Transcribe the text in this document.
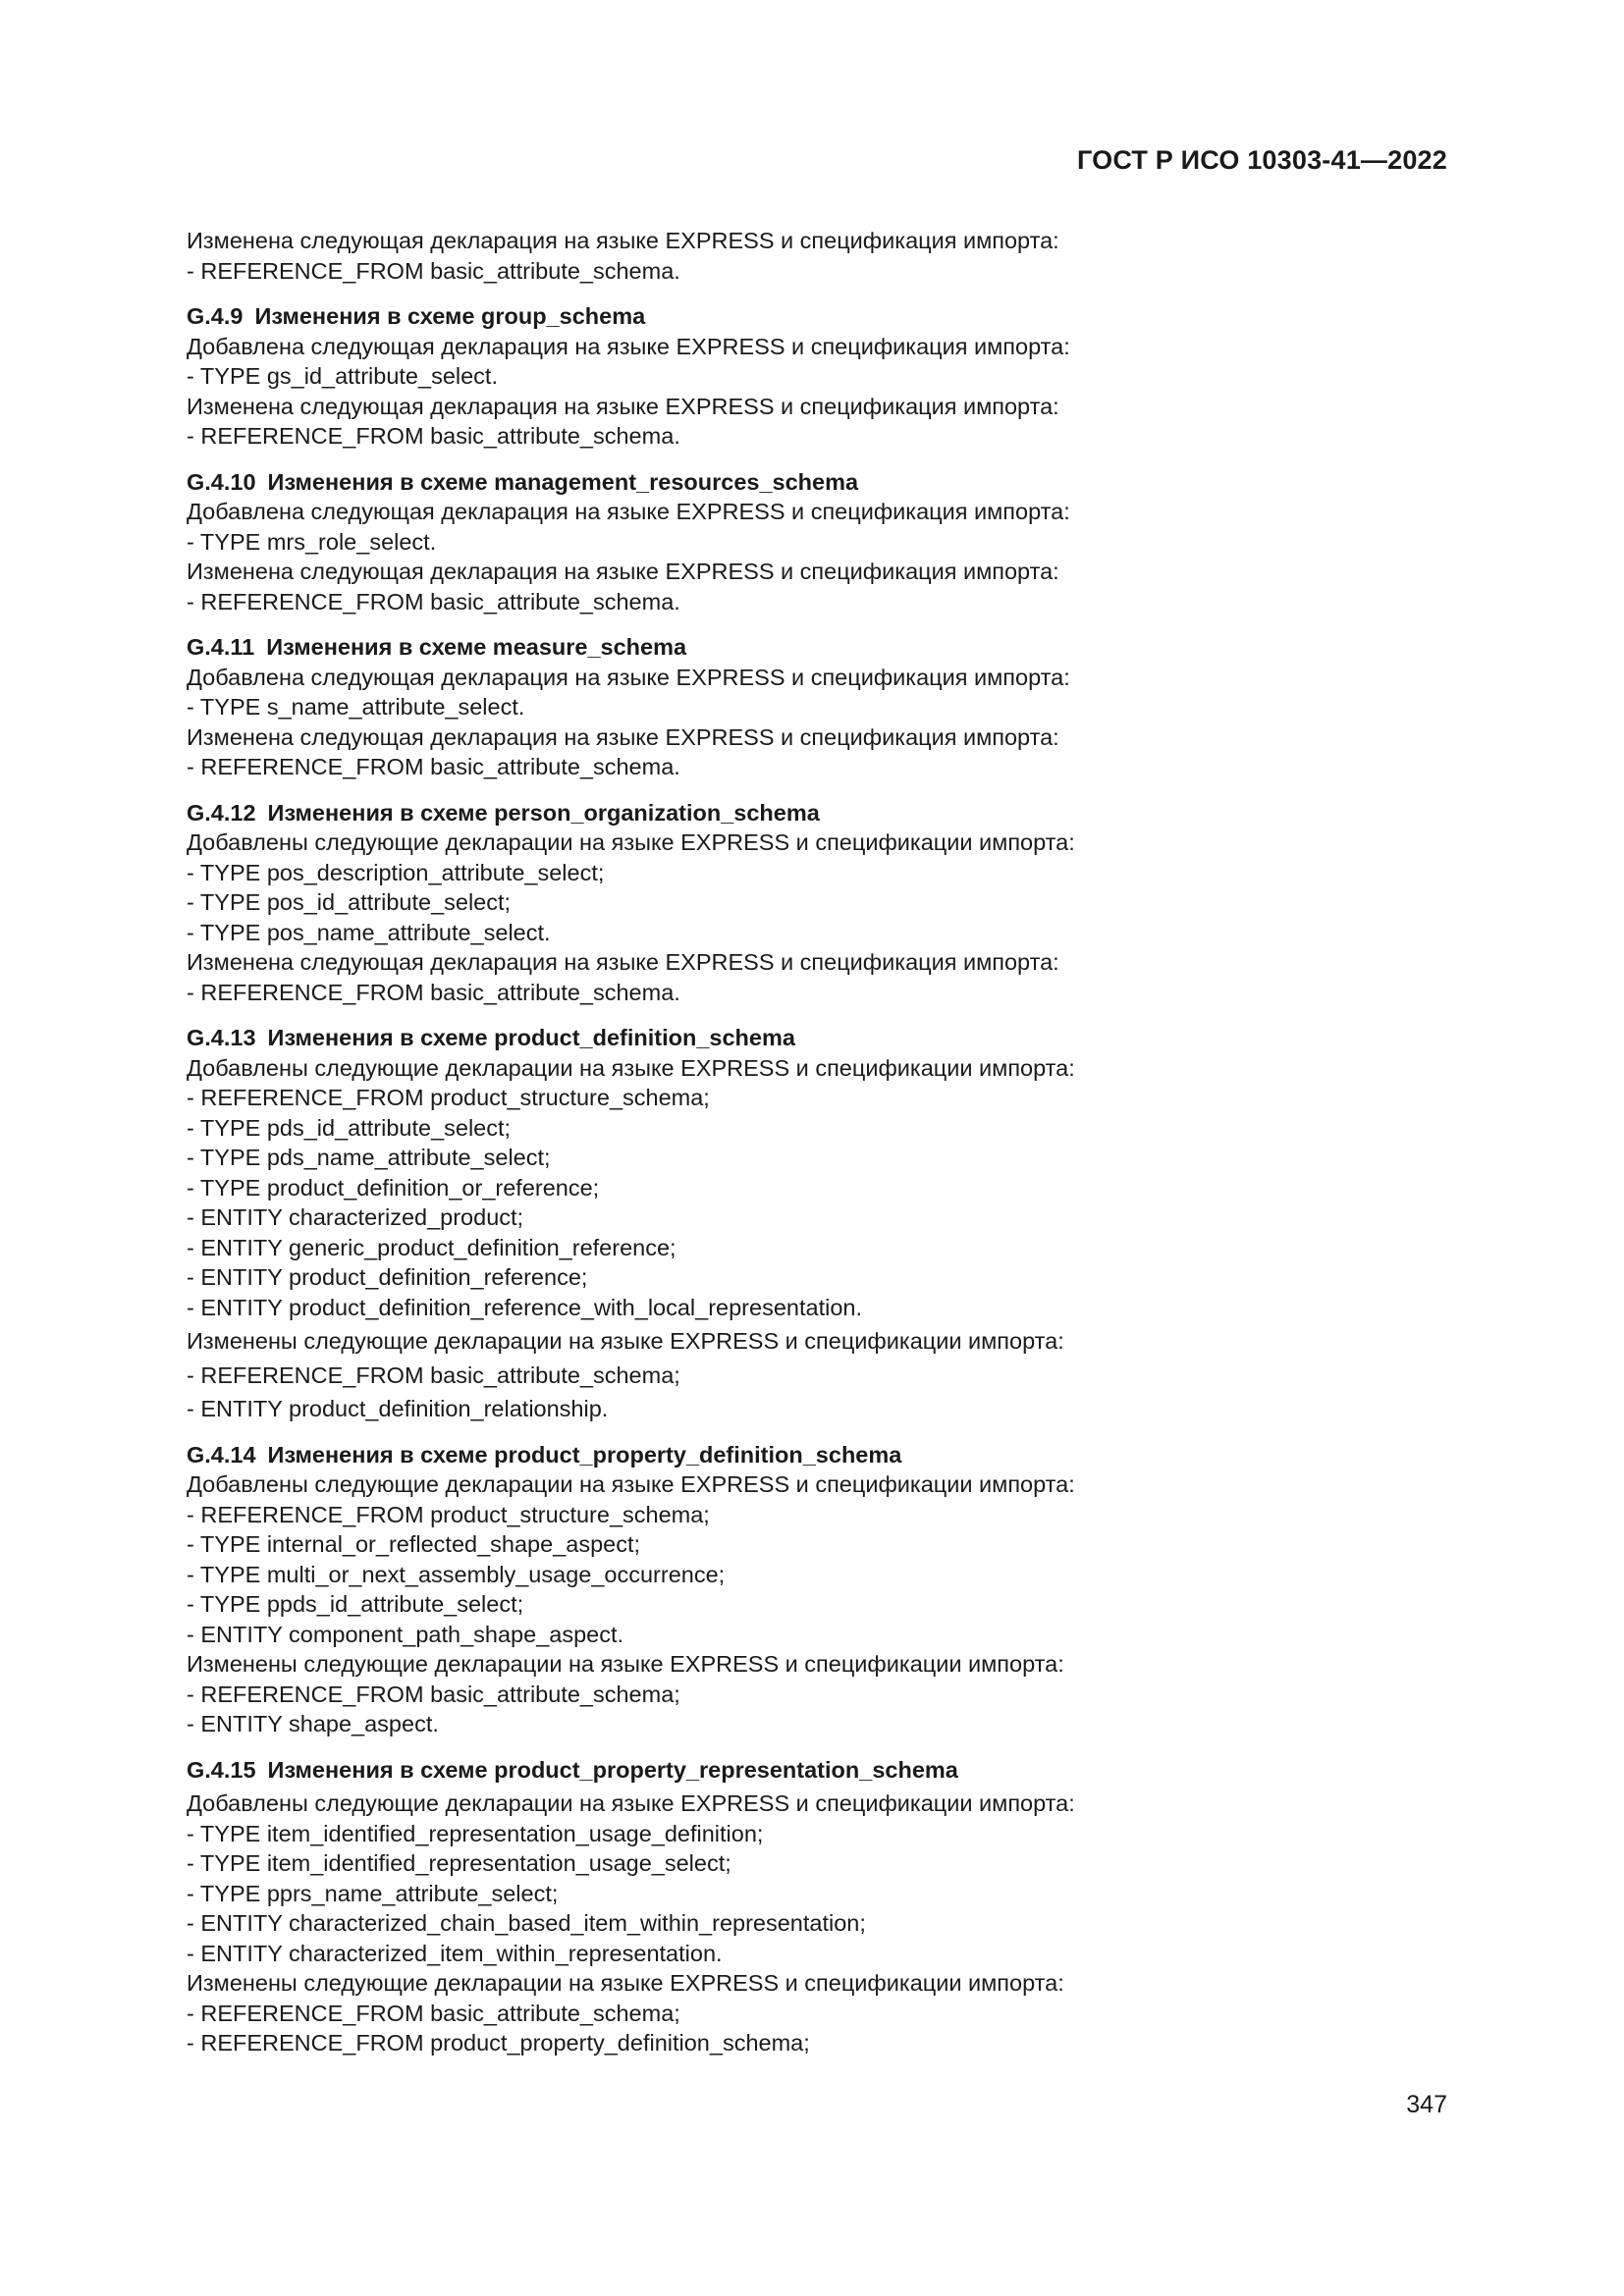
ГОСТ Р ИСО 10303-41—2022
Изменена следующая декларация на языке EXPRESS и спецификация импорта:
- REFERENCE_FROM basic_attribute_schema.
G.4.9 Изменения в схеме group_schema
Добавлена следующая декларация на языке EXPRESS и спецификация импорта:
- TYPE gs_id_attribute_select.
Изменена следующая декларация на языке EXPRESS и спецификация импорта:
- REFERENCE_FROM basic_attribute_schema.
G.4.10 Изменения в схеме management_resources_schema
Добавлена следующая декларация на языке EXPRESS и спецификация импорта:
- TYPE mrs_role_select.
Изменена следующая декларация на языке EXPRESS и спецификация импорта:
- REFERENCE_FROM basic_attribute_schema.
G.4.11 Изменения в схеме measure_schema
Добавлена следующая декларация на языке EXPRESS и спецификация импорта:
- TYPE s_name_attribute_select.
Изменена следующая декларация на языке EXPRESS и спецификация импорта:
- REFERENCE_FROM basic_attribute_schema.
G.4.12 Изменения в схеме person_organization_schema
Добавлены следующие декларации на языке EXPRESS и спецификации импорта:
- TYPE pos_description_attribute_select;
- TYPE pos_id_attribute_select;
- TYPE pos_name_attribute_select.
Изменена следующая декларация на языке EXPRESS и спецификация импорта:
- REFERENCE_FROM basic_attribute_schema.
G.4.13 Изменения в схеме product_definition_schema
Добавлены следующие декларации на языке EXPRESS и спецификации импорта:
- REFERENCE_FROM product_structure_schema;
- TYPE pds_id_attribute_select;
- TYPE pds_name_attribute_select;
- TYPE product_definition_or_reference;
- ENTITY characterized_product;
- ENTITY generic_product_definition_reference;
- ENTITY product_definition_reference;
- ENTITY product_definition_reference_with_local_representation.
Изменены следующие декларации на языке EXPRESS и спецификации импорта:
- REFERENCE_FROM basic_attribute_schema;
- ENTITY product_definition_relationship.
G.4.14 Изменения в схеме product_property_definition_schema
Добавлены следующие декларации на языке EXPRESS и спецификации импорта:
- REFERENCE_FROM product_structure_schema;
- TYPE internal_or_reflected_shape_aspect;
- TYPE multi_or_next_assembly_usage_occurrence;
- TYPE ppds_id_attribute_select;
- ENTITY component_path_shape_aspect.
Изменены следующие декларации на языке EXPRESS и спецификации импорта:
- REFERENCE_FROM basic_attribute_schema;
- ENTITY shape_aspect.
G.4.15 Изменения в схеме product_property_representation_schema
Добавлены следующие декларации на языке EXPRESS и спецификации импорта:
- TYPE item_identified_representation_usage_definition;
- TYPE item_identified_representation_usage_select;
- TYPE pprs_name_attribute_select;
- ENTITY characterized_chain_based_item_within_representation;
- ENTITY characterized_item_within_representation.
Изменены следующие декларации на языке EXPRESS и спецификации импорта:
- REFERENCE_FROM basic_attribute_schema;
- REFERENCE_FROM product_property_definition_schema;
347
